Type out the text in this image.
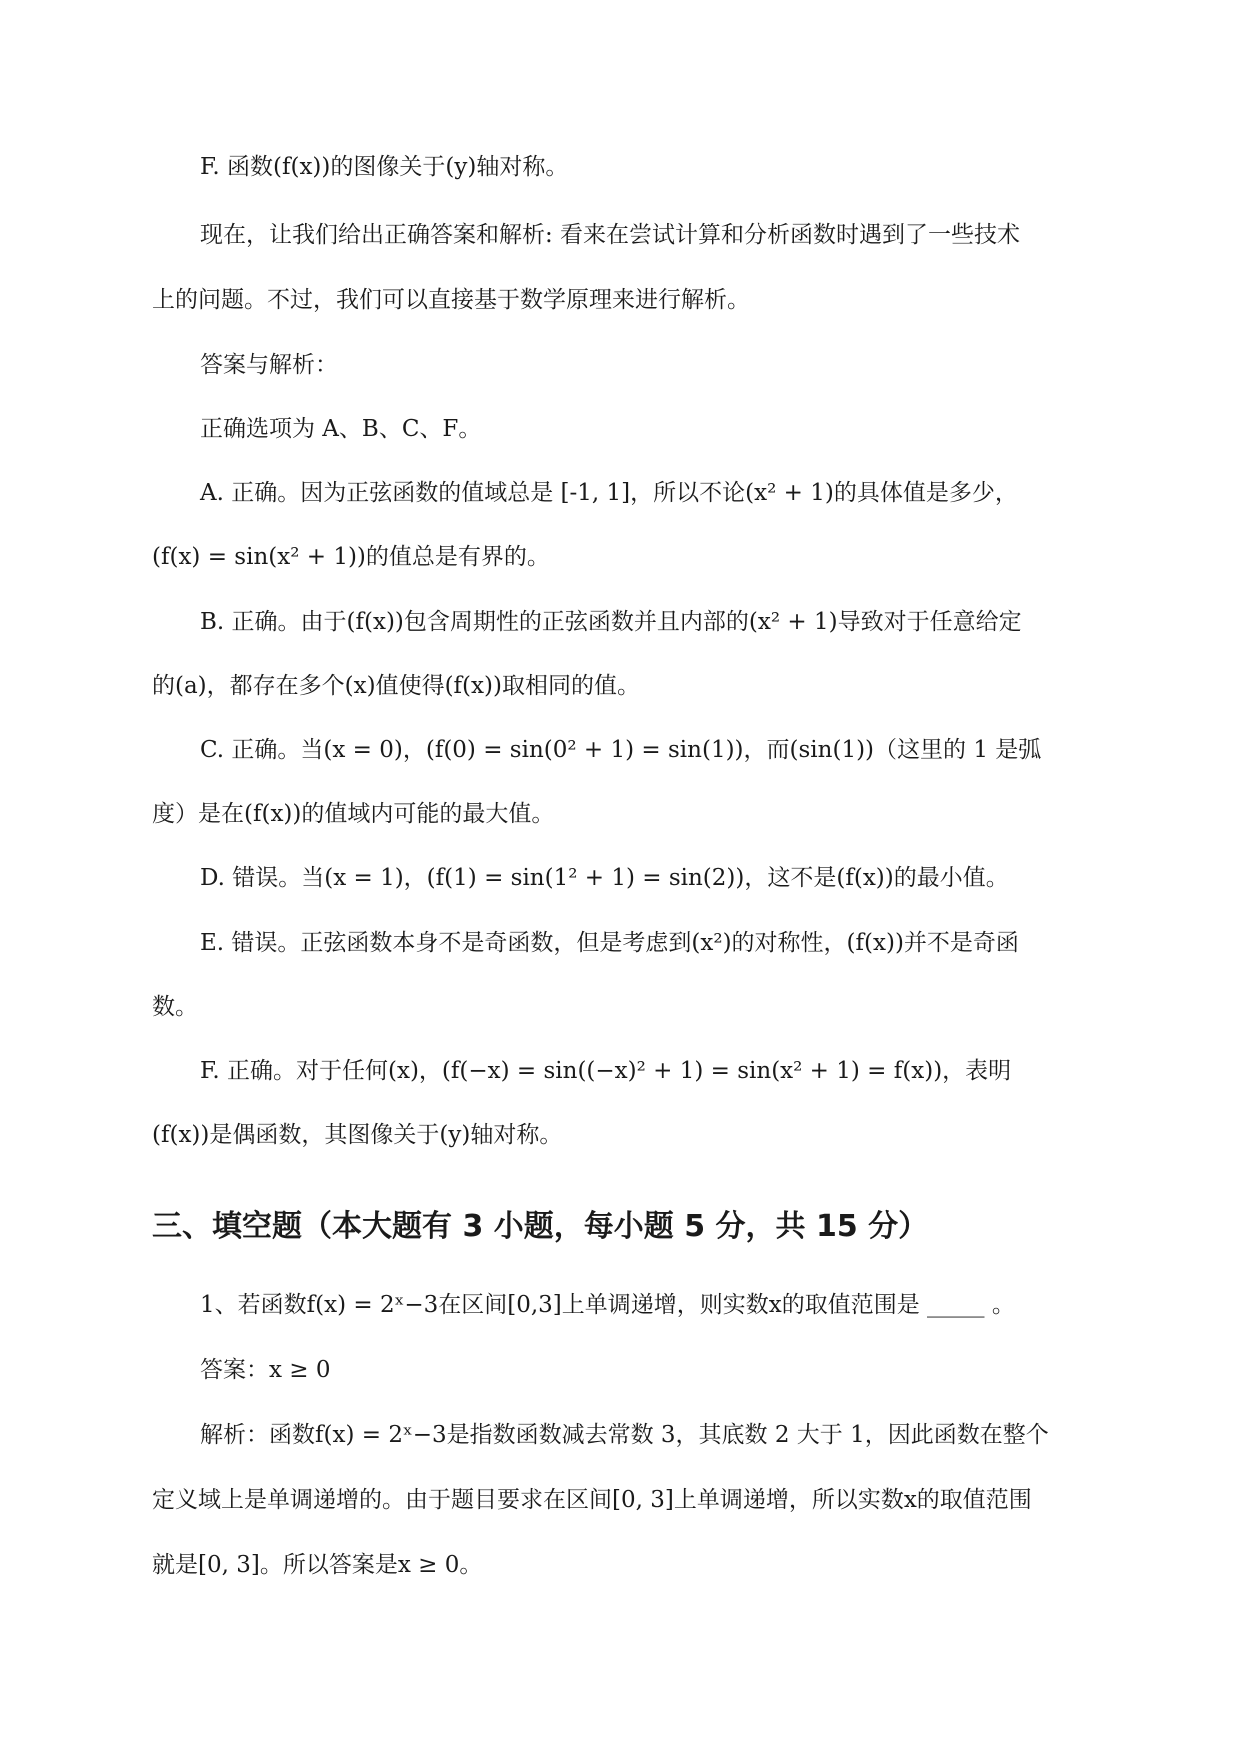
F. 函数(f(x))的图像关于(y)轴对称。
现在，让我们给出正确答案和解析: 看来在尝试计算和分析函数时遇到了一些技术
上的问题。不过，我们可以直接基于数学原理来进行解析。
答案与解析：
正确选项为 A、B、C、F。
A. 正确。因为正弦函数的值域总是 [-1, 1]，所以不论(x² + 1)的具体值是多少，
(f(x) = sin(x² + 1))的值总是有界的。
B. 正确。由于(f(x))包含周期性的正弦函数并且内部的(x² + 1)导致对于任意给定
的(a)，都存在多个(x)值使得(f(x))取相同的值。
C. 正确。当(x = 0)，(f(0) = sin(0² + 1) = sin(1))，而(sin(1))（这里的 1 是弧
度）是在(f(x))的值域内可能的最大值。
D. 错误。当(x = 1)，(f(1) = sin(1² + 1) = sin(2))，这不是(f(x))的最小值。
E. 错误。正弦函数本身不是奇函数，但是考虑到(x²)的对称性，(f(x))并不是奇函
数。
F. 正确。对于任何(x)，(f(−x) = sin((−x)² + 1) = sin(x² + 1) = f(x))，表明
(f(x))是偶函数，其图像关于(y)轴对称。
三、填空题（本大题有 3 小题，每小题 5 分，共 15 分）
1、若函数f(x) = 2ˣ−3在区间[0,3]上单调递增，则实数x的取值范围是 _____ 。
答案：x ≥ 0
解析：函数f(x) = 2ˣ−3是指数函数减去常数 3，其底数 2 大于 1，因此函数在整个
定义域上是单调递增的。由于题目要求在区间[0, 3]上单调递增，所以实数x的取值范围
就是[0, 3]。所以答案是x ≥ 0。
